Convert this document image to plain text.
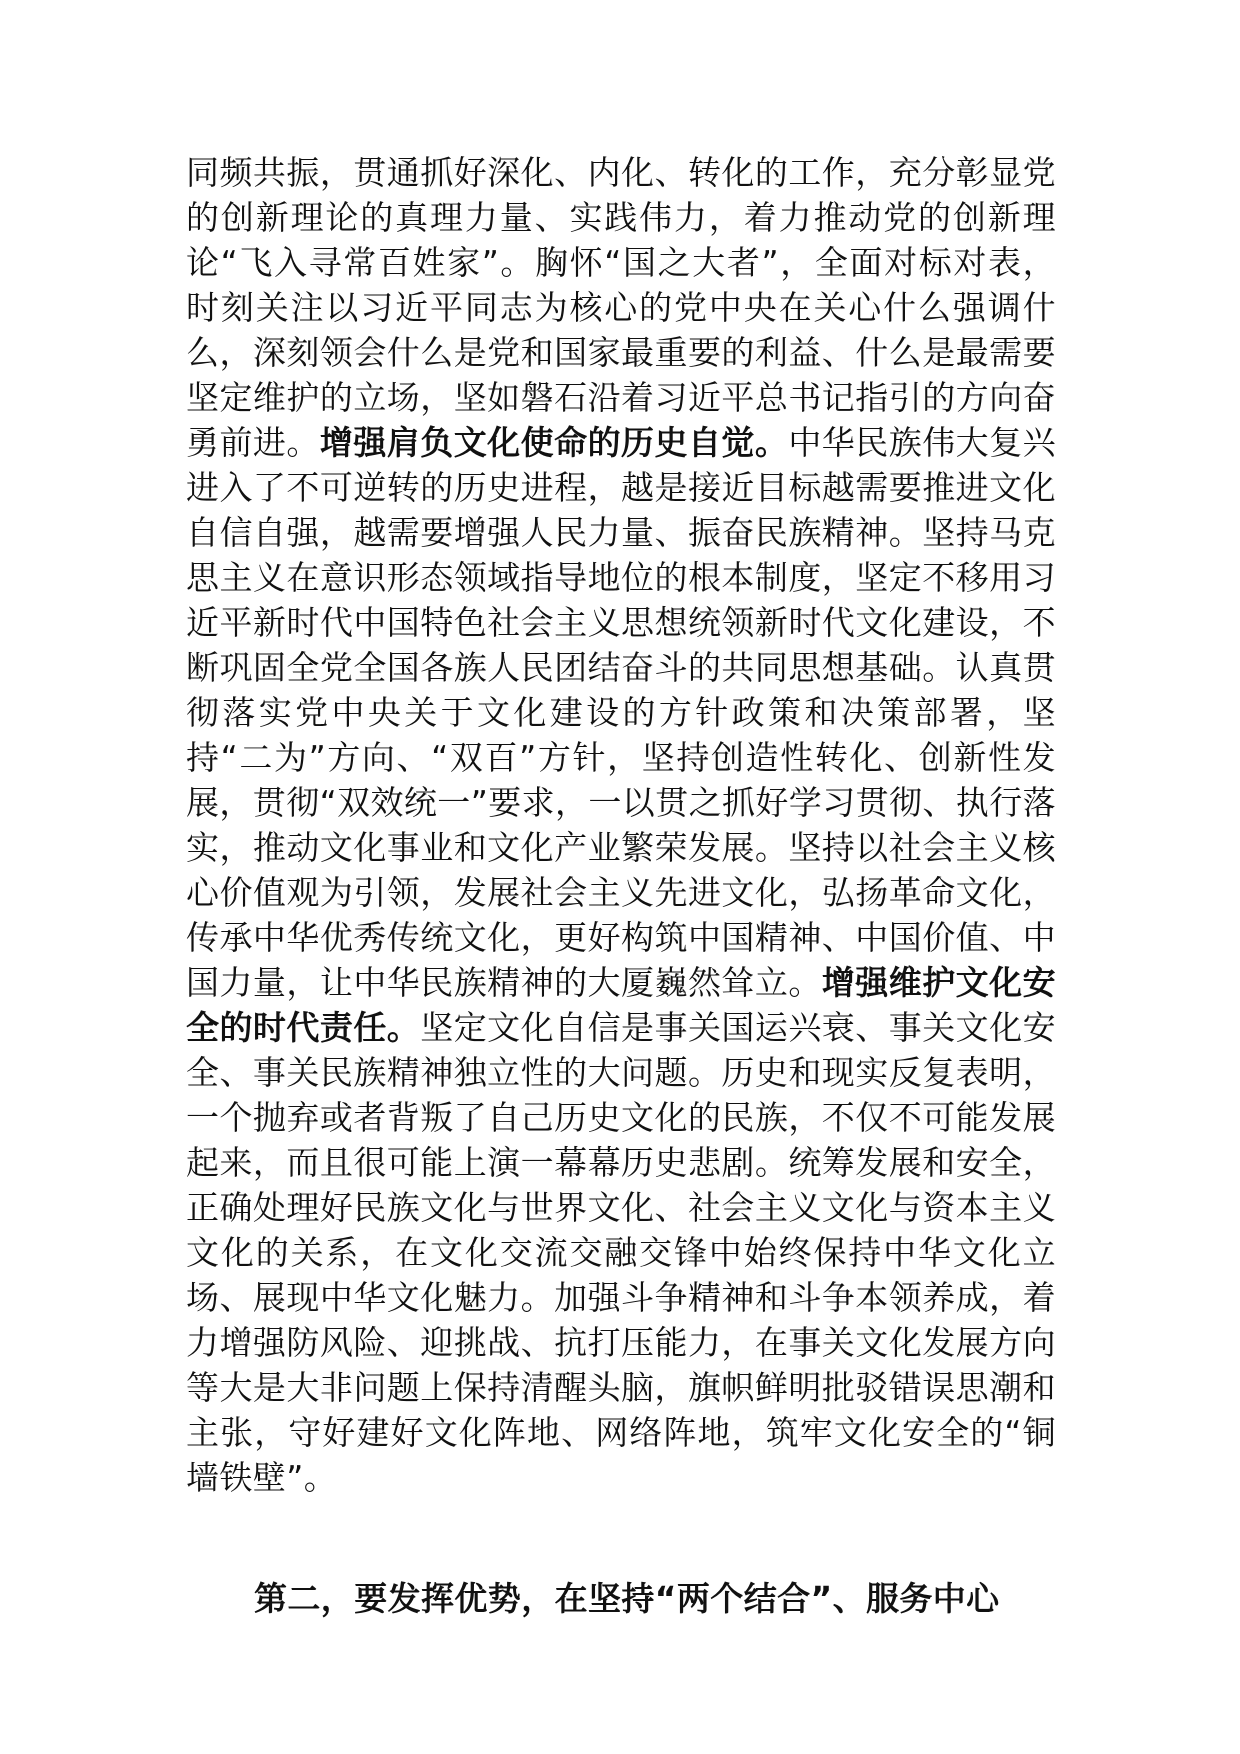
同频共振，贯通抓好深化、内化、转化的工作，充分彰显党的创新理论的真理力量、实践伟力，着力推动党的创新理论“飞入寻常百姓家”。胸怀“国之大者”，全面对标对表，时刻关注以习近平同志为核心的党中央在关心什么强调什么，深刻领会什么是党和国家最重要的利益、什么是最需要坚定维护的立场，坚如磐石沿着习近平总书记指引的方向奋勇前进。增强肩负文化使命的历史自觉。中华民族伟大复兴进入了不可逆转的历史进程，越是接近目标越需要推进文化自信自强，越需要增强人民力量、振奋民族精神。坚持马克思主义在意识形态领域指导地位的根本制度，坚定不移用习近平新时代中国特色社会主义思想统领新时代文化建设，不断巩固全党全国各族人民团结奋斗的共同思想基础。认真贯彻落实党中央关于文化建设的方针政策和决策部署，坚持“二为”方向、“双百”方针，坚持创造性转化、创新性发展，贯彻“双效统一”要求，一以贯之抓好学习贯彻、执行落实，推动文化事业和文化产业繁荣发展。坚持以社会主义核心价值观为引领，发展社会主义先进文化，弘扬革命文化，传承中华优秀传统文化，更好构筑中国精神、中国价值、中国力量，让中华民族精神的大厦巍然耸立。增强维护文化安全的时代责任。坚定文化自信是事关国运兴衰、事关文化安全、事关民族精神独立性的大问题。历史和现实反复表明，一个抛弃或者背叛了自己历史文化的民族，不仅不可能发展起来，而且很可能上演一幕幕历史悲剧。统筹发展和安全，正确处理好民族文化与世界文化、社会主义文化与资本主义文化的关系，在文化交流交融交锋中始终保持中华文化立场、展现中华文化魅力。加强斗争精神和斗争本领养成，着力增强防风险、迎挑战、抗打压能力，在事关文化发展方向等大是大非问题上保持清醒头脑，旗帜鲜明批驳错误思潮和主张，守好建好文化阵地、网络阵地，筑牢文化安全的“铜墙铁壁”。

第二，要发挥优势，在坚持“两个结合”、服务中心
